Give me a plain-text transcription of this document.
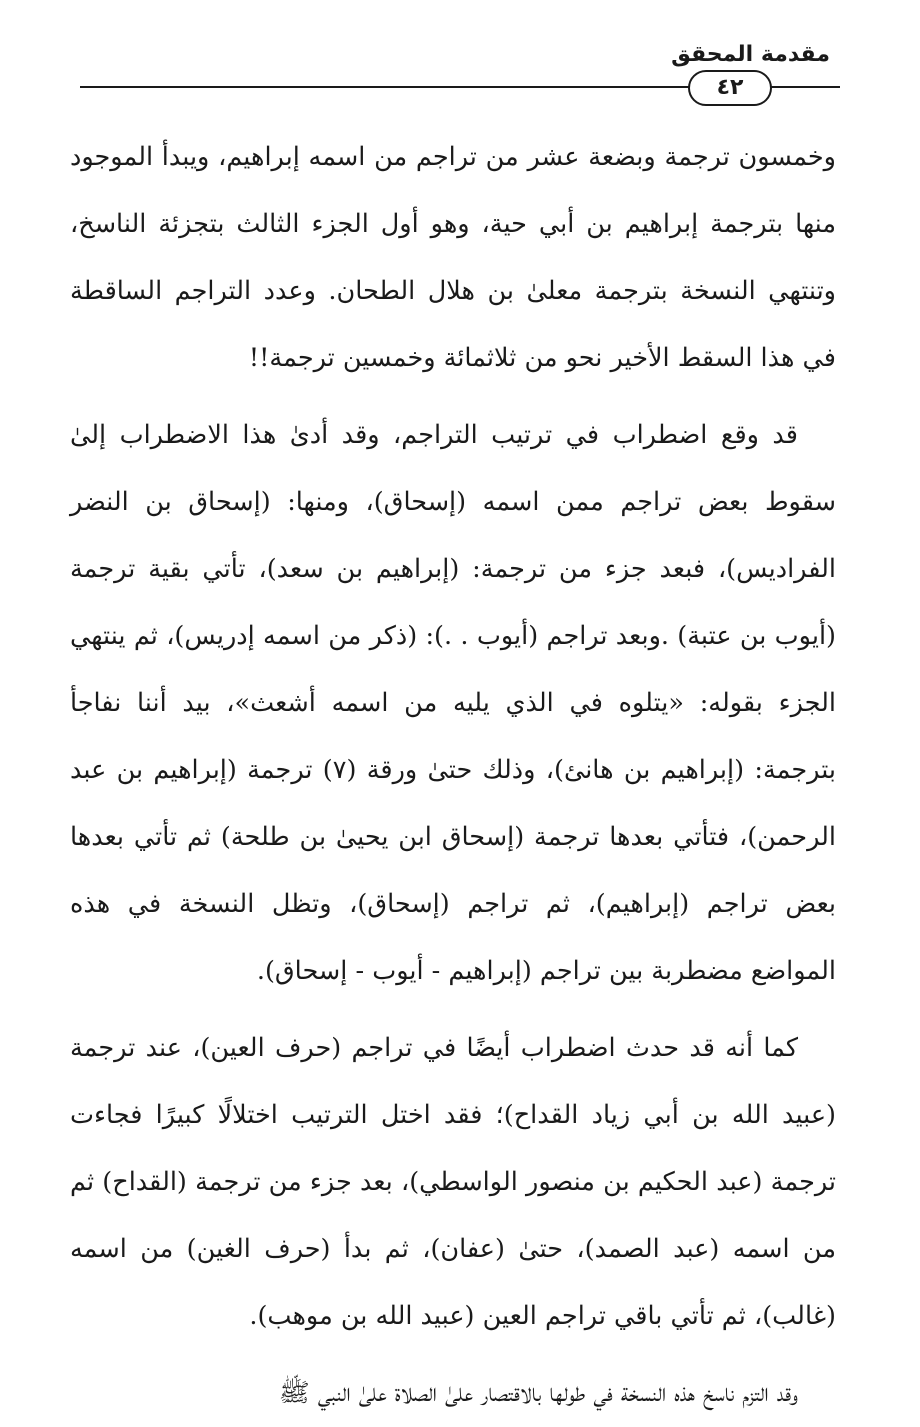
مقدمة المحقق
٤٢

وخمسون ترجمة وبضعة عشر من تراجم من اسمه إبراهيم، ويبدأ الموجود منها بترجمة إبراهيم بن أبي حية، وهو أول الجزء الثالث بتجزئة الناسخ، وتنتهي النسخة بترجمة معلىٰ بن هلال الطحان. وعدد التراجم الساقطة في هذا السقط الأخير نحو من ثلاثمائة وخمسين ترجمة!!

قد وقع اضطراب في ترتيب التراجم، وقد أدىٰ هذا الاضطراب إلىٰ سقوط بعض تراجم ممن اسمه (إسحاق)، ومنها: (إسحاق بن النضر الفراديس)، فبعد جزء من ترجمة: (إبراهيم بن سعد)، تأتي بقية ترجمة (أيوب بن عتبة) .وبعد تراجم (أيوب . .): (ذكر من اسمه إدريس)، ثم ينتهي الجزء بقوله: «يتلوه في الذي يليه من اسمه أشعث»، بيد أننا نفاجأ بترجمة: (إبراهيم بن هانئ)، وذلك حتىٰ ورقة (٧) ترجمة (إبراهيم بن عبد الرحمن)، فتأتي بعدها ترجمة (إسحاق ابن يحيىٰ بن طلحة) ثم تأتي بعدها بعض تراجم (إبراهيم)، ثم تراجم (إسحاق)، وتظل النسخة في هذه المواضع مضطربة بين تراجم (إبراهيم - أيوب - إسحاق).

كما أنه قد حدث اضطراب أيضًا في تراجم (حرف العين)، عند ترجمة (عبيد الله بن أبي زياد القداح)؛ فقد اختل الترتيب اختلالًا كبيرًا فجاءت ترجمة (عبد الحكيم بن منصور الواسطي)، بعد جزء من ترجمة (القداح) ثم من اسمه (عبد الصمد)، حتىٰ (عفان)، ثم بدأ (حرف الغين) من اسمه (غالب)، ثم تأتي باقي تراجم العين (عبيد الله بن موهب).

وقد التزم ناسخ هذه النسخة في طولها بالاقتصار علىٰ الصلاة علىٰ النبي ﷺ
